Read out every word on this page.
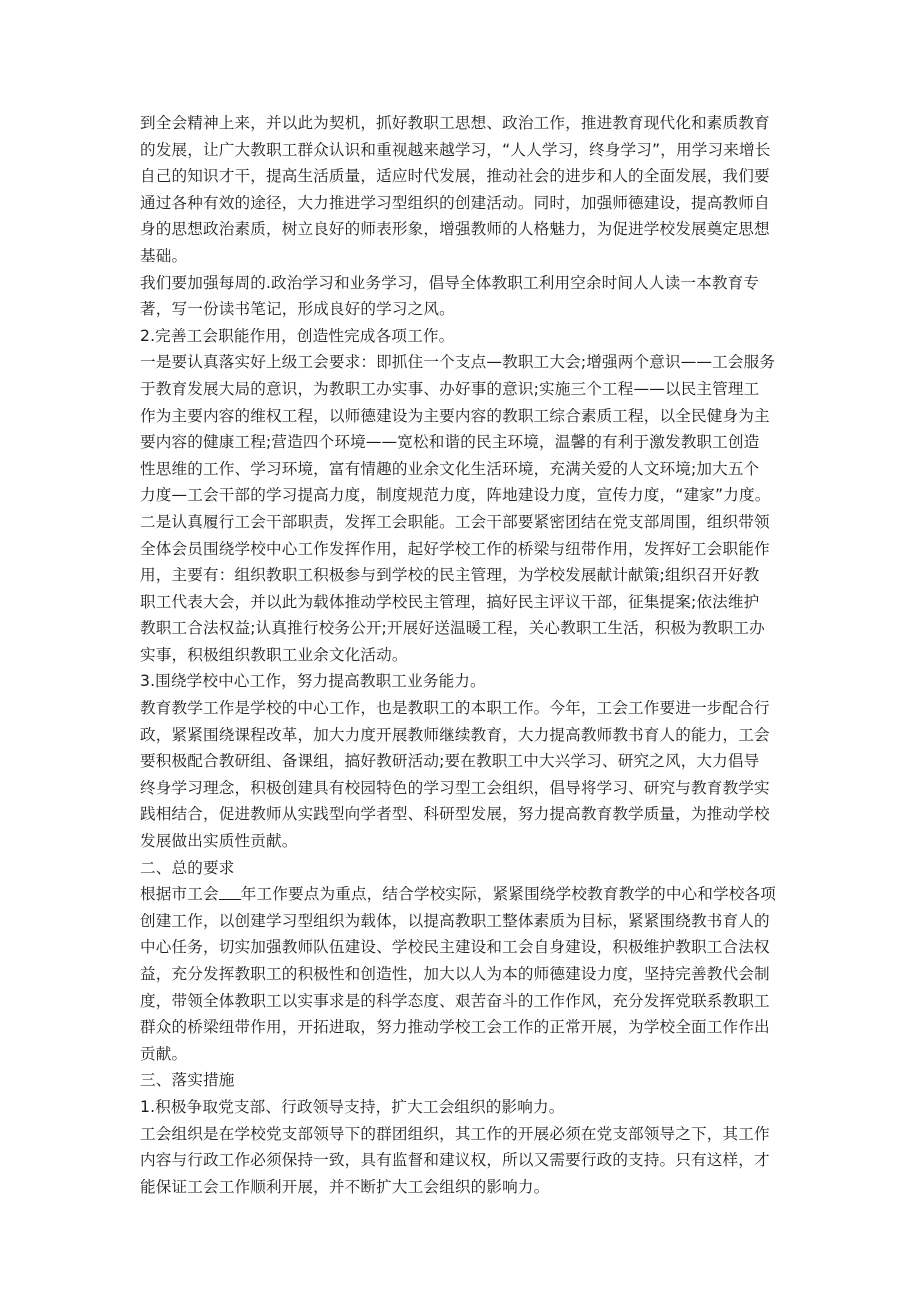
到全会精神上来，并以此为契机，抓好教职工思想、政治工作，推进教育现代化和素质教育
的发展，让广大教职工群众认识和重视越来越学习，“人人学习，终身学习”，用学习来增长
自己的知识才干，提高生活质量，适应时代发展，推动社会的进步和人的全面发展，我们要
通过各种有效的途径，大力推进学习型组织的创建活动。同时，加强师德建设，提高教师自
身的思想政治素质，树立良好的师表形象，增强教师的人格魅力，为促进学校发展奠定思想
基础。
我们要加强每周的.政治学习和业务学习，倡导全体教职工利用空余时间人人读一本教育专
著，写一份读书笔记，形成良好的学习之风。
2.完善工会职能作用，创造性完成各项工作。
一是要认真落实好上级工会要求：即抓住一个支点—教职工大会;增强两个意识——工会服务
于教育发展大局的意识，为教职工办实事、办好事的意识;实施三个工程——以民主管理工
作为主要内容的维权工程，以师德建设为主要内容的教职工综合素质工程，以全民健身为主
要内容的健康工程;营造四个环境——宽松和谐的民主环境，温馨的有利于激发教职工创造
性思维的工作、学习环境，富有情趣的业余文化生活环境，充满关爱的人文环境;加大五个
力度—工会干部的学习提高力度，制度规范力度，阵地建设力度，宣传力度，“建家”力度。
二是认真履行工会干部职责，发挥工会职能。工会干部要紧密团结在党支部周围，组织带领
全体会员围绕学校中心工作发挥作用，起好学校工作的桥梁与纽带作用，发挥好工会职能作
用，主要有：组织教职工积极参与到学校的民主管理，为学校发展献计献策;组织召开好教
职工代表大会，并以此为载体推动学校民主管理，搞好民主评议干部，征集提案;依法维护
教职工合法权益;认真推行校务公开;开展好送温暖工程，关心教职工生活，积极为教职工办
实事，积极组织教职工业余文化活动。
3.围绕学校中心工作，努力提高教职工业务能力。
教育教学工作是学校的中心工作，也是教职工的本职工作。今年，工会工作要进一步配合行
政，紧紧围绕课程改革，加大力度开展教师继续教育，大力提高教师教书育人的能力，工会
要积极配合教研组、备课组，搞好教研活动;要在教职工中大兴学习、研究之风，大力倡导
终身学习理念，积极创建具有校园特色的学习型工会组织，倡导将学习、研究与教育教学实
践相结合，促进教师从实践型向学者型、科研型发展，努力提高教育教学质量，为推动学校
发展做出实质性贡献。
二、总的要求
根据市工会 年工作要点为重点，结合学校实际，紧紧围绕学校教育教学的中心和学校各项
创建工作，以创建学习型组织为载体，以提高教职工整体素质为目标，紧紧围绕教书育人的
中心任务，切实加强教师队伍建设、学校民主建设和工会自身建设，积极维护教职工合法权
益，充分发挥教职工的积极性和创造性，加大以人为本的师德建设力度，坚持完善教代会制
度，带领全体教职工以实事求是的科学态度、艰苦奋斗的工作作风，充分发挥党联系教职工
群众的桥梁纽带作用，开拓进取，努力推动学校工会工作的正常开展，为学校全面工作作出
贡献。
三、落实措施
1.积极争取党支部、行政领导支持，扩大工会组织的影响力。
工会组织是在学校党支部领导下的群团组织，其工作的开展必须在党支部领导之下，其工作
内容与行政工作必须保持一致，具有监督和建议权，所以又需要行政的支持。只有这样，才
能保证工会工作顺利开展，并不断扩大工会组织的影响力。
